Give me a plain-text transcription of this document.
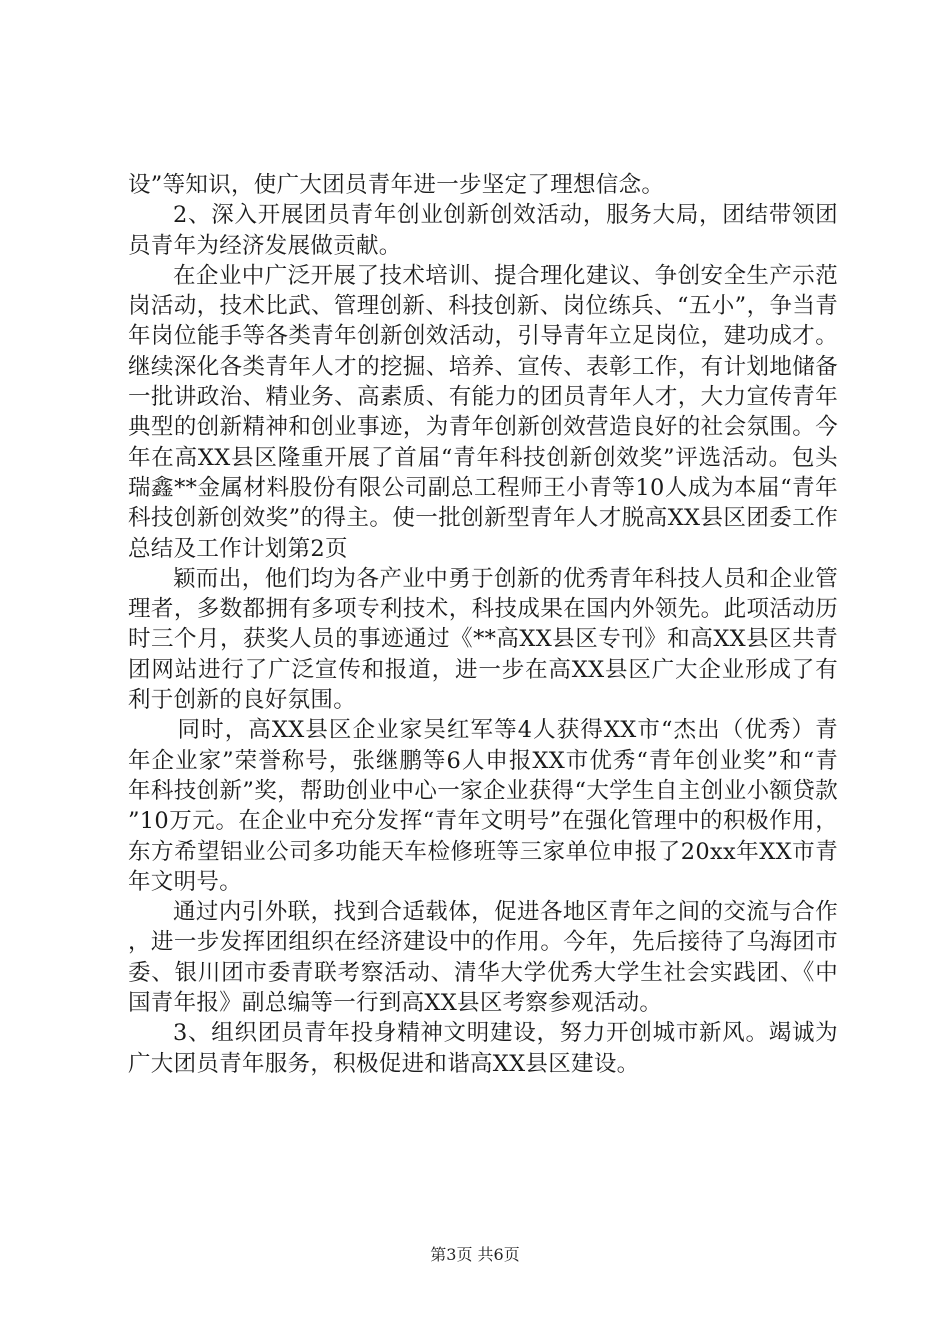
设”等知识，使广大团员青年进一步坚定了理想信念。

2、深入开展团员青年创业创新创效活动，服务大局，团结带领团员青年为经济发展做贡献。

在企业中广泛开展了技术培训、提合理化建议、争创安全生产示范岗活动，技术比武、管理创新、科技创新、岗位练兵、“五小”，争当青年岗位能手等各类青年创新创效活动，引导青年立足岗位，建功成才。继续深化各类青年人才的挖掘、培养、宣传、表彰工作，有计划地储备一批讲政治、精业务、高素质、有能力的团员青年人才，大力宣传青年典型的创新精神和创业事迹，为青年创新创效营造良好的社会氛围。今年在高XX县区隆重开展了首届“青年科技创新创效奖”评选活动。包头瑞鑫**金属材料股份有限公司副总工程师王小青等10人成为本届“青年科技创新创效奖”的得主。使一批创新型青年人才脱高XX县区团委工作总结及工作计划第2页

颖而出，他们均为各产业中勇于创新的优秀青年科技人员和企业管理者，多数都拥有多项专利技术，科技成果在国内外领先。此项活动历时三个月，获奖人员的事迹通过《**高XX县区专刊》和高XX县区共青团网站进行了广泛宣传和报道，进一步在高XX县区广大企业形成了有利于创新的良好氛围。

同时，高XX县区企业家吴红军等4人获得XX市“杰出（优秀）青年企业家”荣誉称号，张继鹏等6人申报XX市优秀“青年创业奖”和“青年科技创新”奖，帮助创业中心一家企业获得“大学生自主创业小额贷款”10万元。在企业中充分发挥“青年文明号”在强化管理中的积极作用，东方希望铝业公司多功能天车检修班等三家单位申报了20xx年XX市青年文明号。

通过内引外联，找到合适载体，促进各地区青年之间的交流与合作，进一步发挥团组织在经济建设中的作用。今年，先后接待了乌海团市委、银川团市委青联考察活动、清华大学优秀大学生社会实践团、《中国青年报》副总编等一行到高XX县区考察参观活动。

3、组织团员青年投身精神文明建设，努力开创城市新风。竭诚为广大团员青年服务，积极促进和谐高XX县区建设。

第3页 共6页
